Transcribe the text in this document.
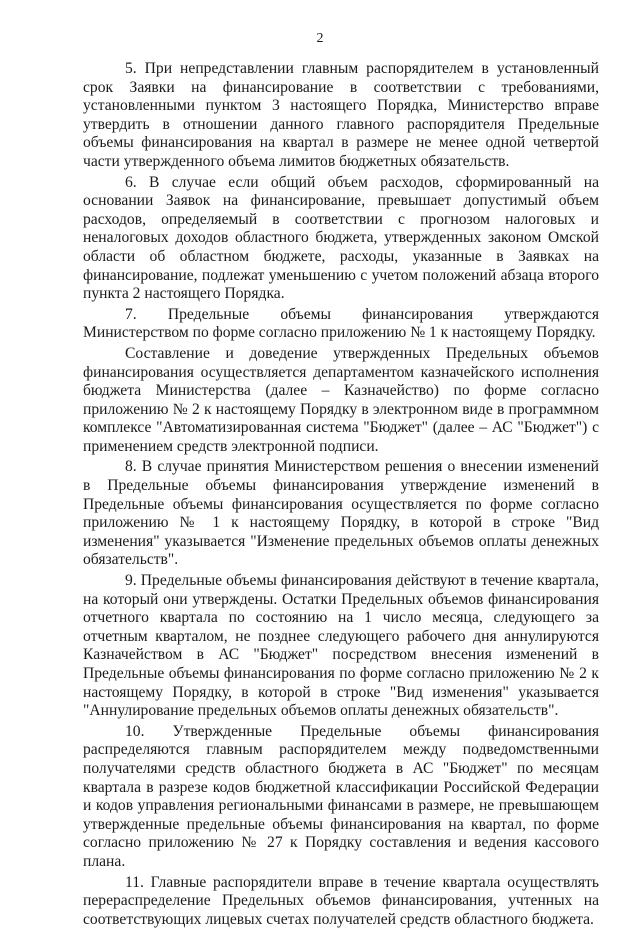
2

5. При непредставлении главным распорядителем в установленный срок Заявки на финансирование в соответствии с требованиями, установленными пунктом 3 настоящего Порядка, Министерство вправе утвердить в отношении данного главного распорядителя Предельные объемы финансирования на квартал в размере не менее одной четвертой части утвержденного объема лимитов бюджетных обязательств.

6. В случае если общий объем расходов, сформированный на основании Заявок на финансирование, превышает допустимый объем расходов, определяемый в соответствии с прогнозом налоговых и неналоговых доходов областного бюджета, утвержденных законом Омской области об областном бюджете, расходы, указанные в Заявках на финансирование, подлежат уменьшению с учетом положений абзаца второго пункта 2 настоящего Порядка.

7. Предельные объемы финансирования утверждаются Министерством по форме согласно приложению № 1 к настоящему Порядку.

Составление и доведение утвержденных Предельных объемов финансирования осуществляется департаментом казначейского исполнения бюджета Министерства (далее – Казначейство) по форме согласно приложению № 2 к настоящему Порядку в электронном виде в программном комплексе "Автоматизированная система "Бюджет" (далее – АС "Бюджет") с применением средств электронной подписи.

8. В случае принятия Министерством решения о внесении изменений в Предельные объемы финансирования утверждение изменений в Предельные объемы финансирования осуществляется по форме согласно приложению № 1 к настоящему Порядку, в которой в строке "Вид изменения" указывается "Изменение предельных объемов оплаты денежных обязательств".

9. Предельные объемы финансирования действуют в течение квартала, на который они утверждены. Остатки Предельных объемов финансирования отчетного квартала по состоянию на 1 число месяца, следующего за отчетным кварталом, не позднее следующего рабочего дня аннулируются Казначейством в АС "Бюджет" посредством внесения изменений в Предельные объемы финансирования по форме согласно приложению № 2 к настоящему Порядку, в которой в строке "Вид изменения" указывается "Аннулирование предельных объемов оплаты денежных обязательств".

10. Утвержденные Предельные объемы финансирования распределяются главным распорядителем между подведомственными получателями средств областного бюджета в АС "Бюджет" по месяцам квартала в разрезе кодов бюджетной классификации Российской Федерации и кодов управления региональными финансами в размере, не превышающем утвержденные предельные объемы финансирования на квартал, по форме согласно приложению № 27 к Порядку составления и ведения кассового плана.

11. Главные распорядители вправе в течение квартала осуществлять перераспределение Предельных объемов финансирования, учтенных на соответствующих лицевых счетах получателей средств областного бюджета.
